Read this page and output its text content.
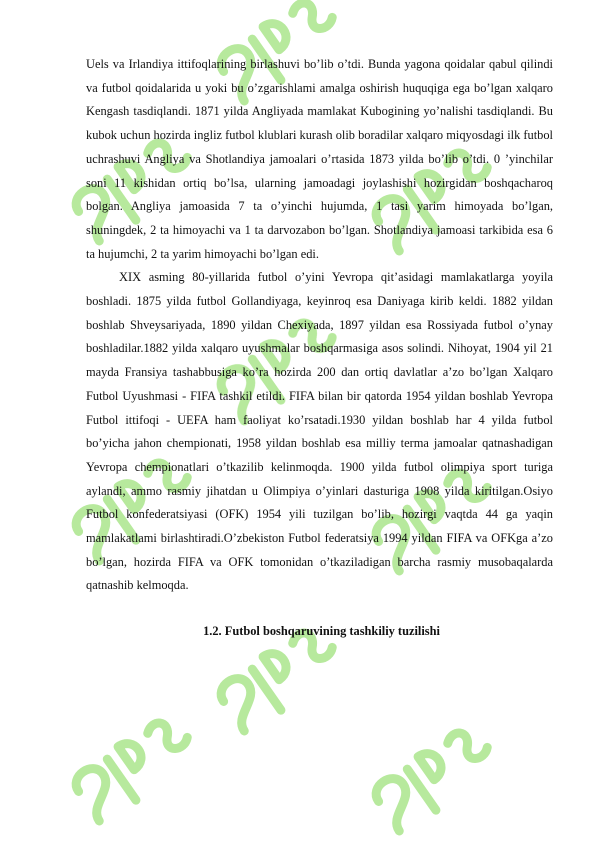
Uels va Irlandiya ittifoqlarining birlashuvi bo’lib o’tdi. Bunda yagona qoidalar qabul qilindi va futbol qoidalarida u yoki bu o’zgarishlami amalga oshirish huquqiga ega bo’lgan xalqaro Kengash tasdiqlandi. 1871 yilda Angliyada mamlakat Kubogining yo’nalishi tasdiqlandi. Bu kubok uchun hozirda ingliz futbol klublari kurash olib boradilar xalqaro miqyosdagi ilk futbol uchrashuvi Angliya va Shotlandiya jamoalari o’rtasida 1873 yilda bo’lib o’tdi. 0 ’yinchilar soni 11 kishidan ortiq bo’lsa, ularning jamoadagi joylashishi hozirgidan boshqacharoq bolgan. Angliya jamoasida 7 ta o’yinchi hujumda, 1 tasi yarim himoyada bo’lgan, shuningdek, 2 ta himoyachi va 1 ta darvozabon bo’lgan. Shotlandiya jamoasi tarkibida esa 6 ta hujumchi, 2 ta yarim himoyachi bo’lgan edi.

XIX asming 80-yillarida futbol o’yini Yevropa qit’asidagi mamlakatlarga yoyila boshladi. 1875 yilda futbol Gollandiyaga, keyinroq esa Daniyaga kirib keldi. 1882 yildan boshlab Shveysariyada, 1890 yildan Chexiyada, 1897 yildan esa Rossiyada futbol o’ynay boshladilar.1882 yilda xalqaro uyushmalar boshqarmasiga asos solindi. Nihoyat, 1904 yil 21 mayda Fransiya tashabbusiga ko’ra hozirda 200 dan ortiq davlatlar a’zo bo’lgan Xalqaro Futbol Uyushmasi - FIFA tashkil etildi. FIFA bilan bir qatorda 1954 yildan boshlab Yevropa Futbol ittifoqi - UEFA ham faoliyat ko’rsatadi.1930 yildan boshlab har 4 yilda futbol bo’yicha jahon chempionati, 1958 yildan boshlab esa milliy terma jamoalar qatnashadigan Yevropa chempionatlari o’tkazilib kelinmoqda. 1900 yilda futbol olimpiya sport turiga aylandi, ammo rasmiy jihatdan u Olimpiya o’yinlari dasturiga 1908 yilda kiritilgan.Osiyo Futbol konfederatsiyasi (OFK) 1954 yili tuzilgan bo’lib, hozirgi vaqtda 44 ga yaqin mamlakatlami birlashtiradi.O’zbekiston Futbol federatsiya 1994 yildan FIFA va OFKga a’zo bo’lgan, hozirda FIFA va OFK tomonidan o’tkaziladigan barcha rasmiy musobaqalarda qatnashib kelmoqda.

1.2. Futbol boshqaruvining tashkiliy tuzilishi
